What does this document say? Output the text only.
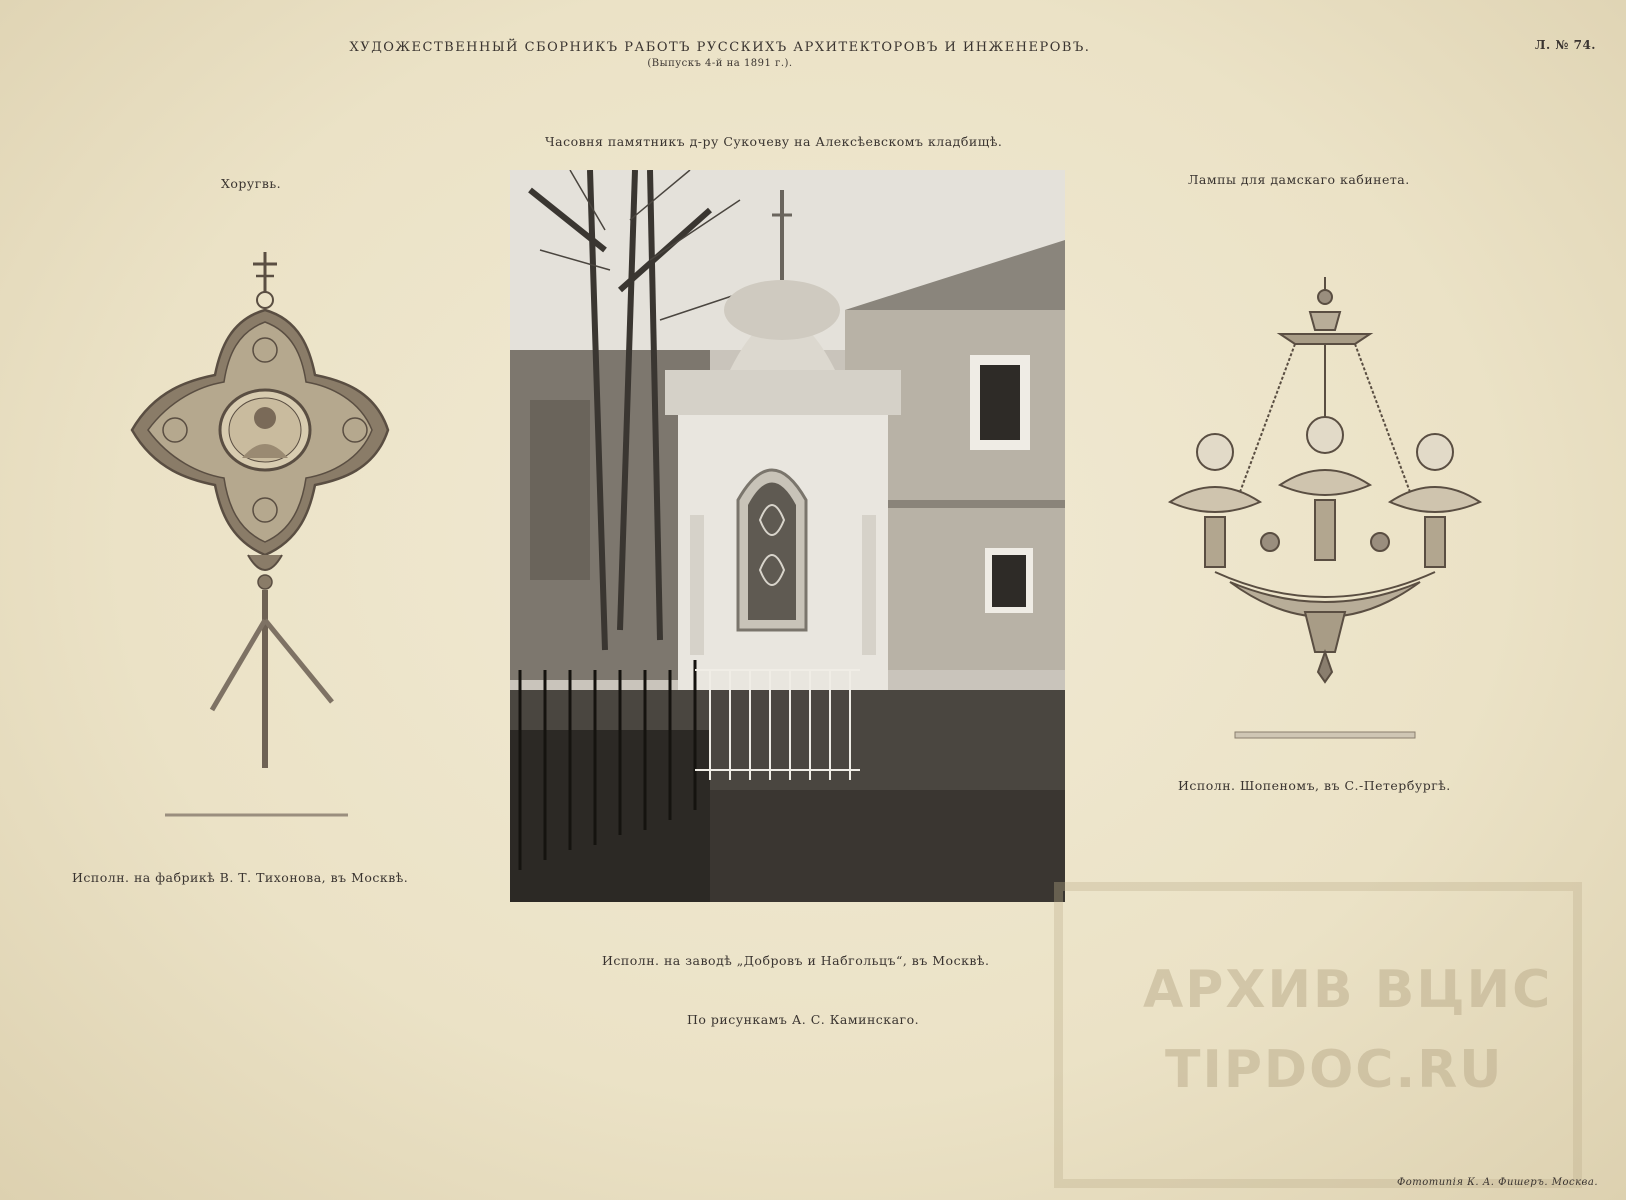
ХУДОЖЕСТВЕННЫЙ СБОРНИКЪ РАБОТЪ РУССКИХЪ АРХИТЕКТОРОВЪ И ИНЖЕНЕРОВЪ.
(Выпускъ 4-й на 1891 г.).
Л. № 74.
Часовня памятникъ д-ру Сукочеву на Алексѣевскомъ кладбищѣ.
Хоругвь.	Лампы для дамскаго кабинета.
Исполн. на фабрикѣ В. Т. Тихонова, въ Москвѣ.
Исполн. на заводѣ „Добровъ и Набгольцъ“, въ Москвѣ.
По рисункамъ А. С. Каминскаго.
Исполн. Шопеномъ, въ С.-Петербургѣ.
АРХИВ ВЦИС
TIPDOC.RU
Фототипія К. А. Фишеръ. Москва.
